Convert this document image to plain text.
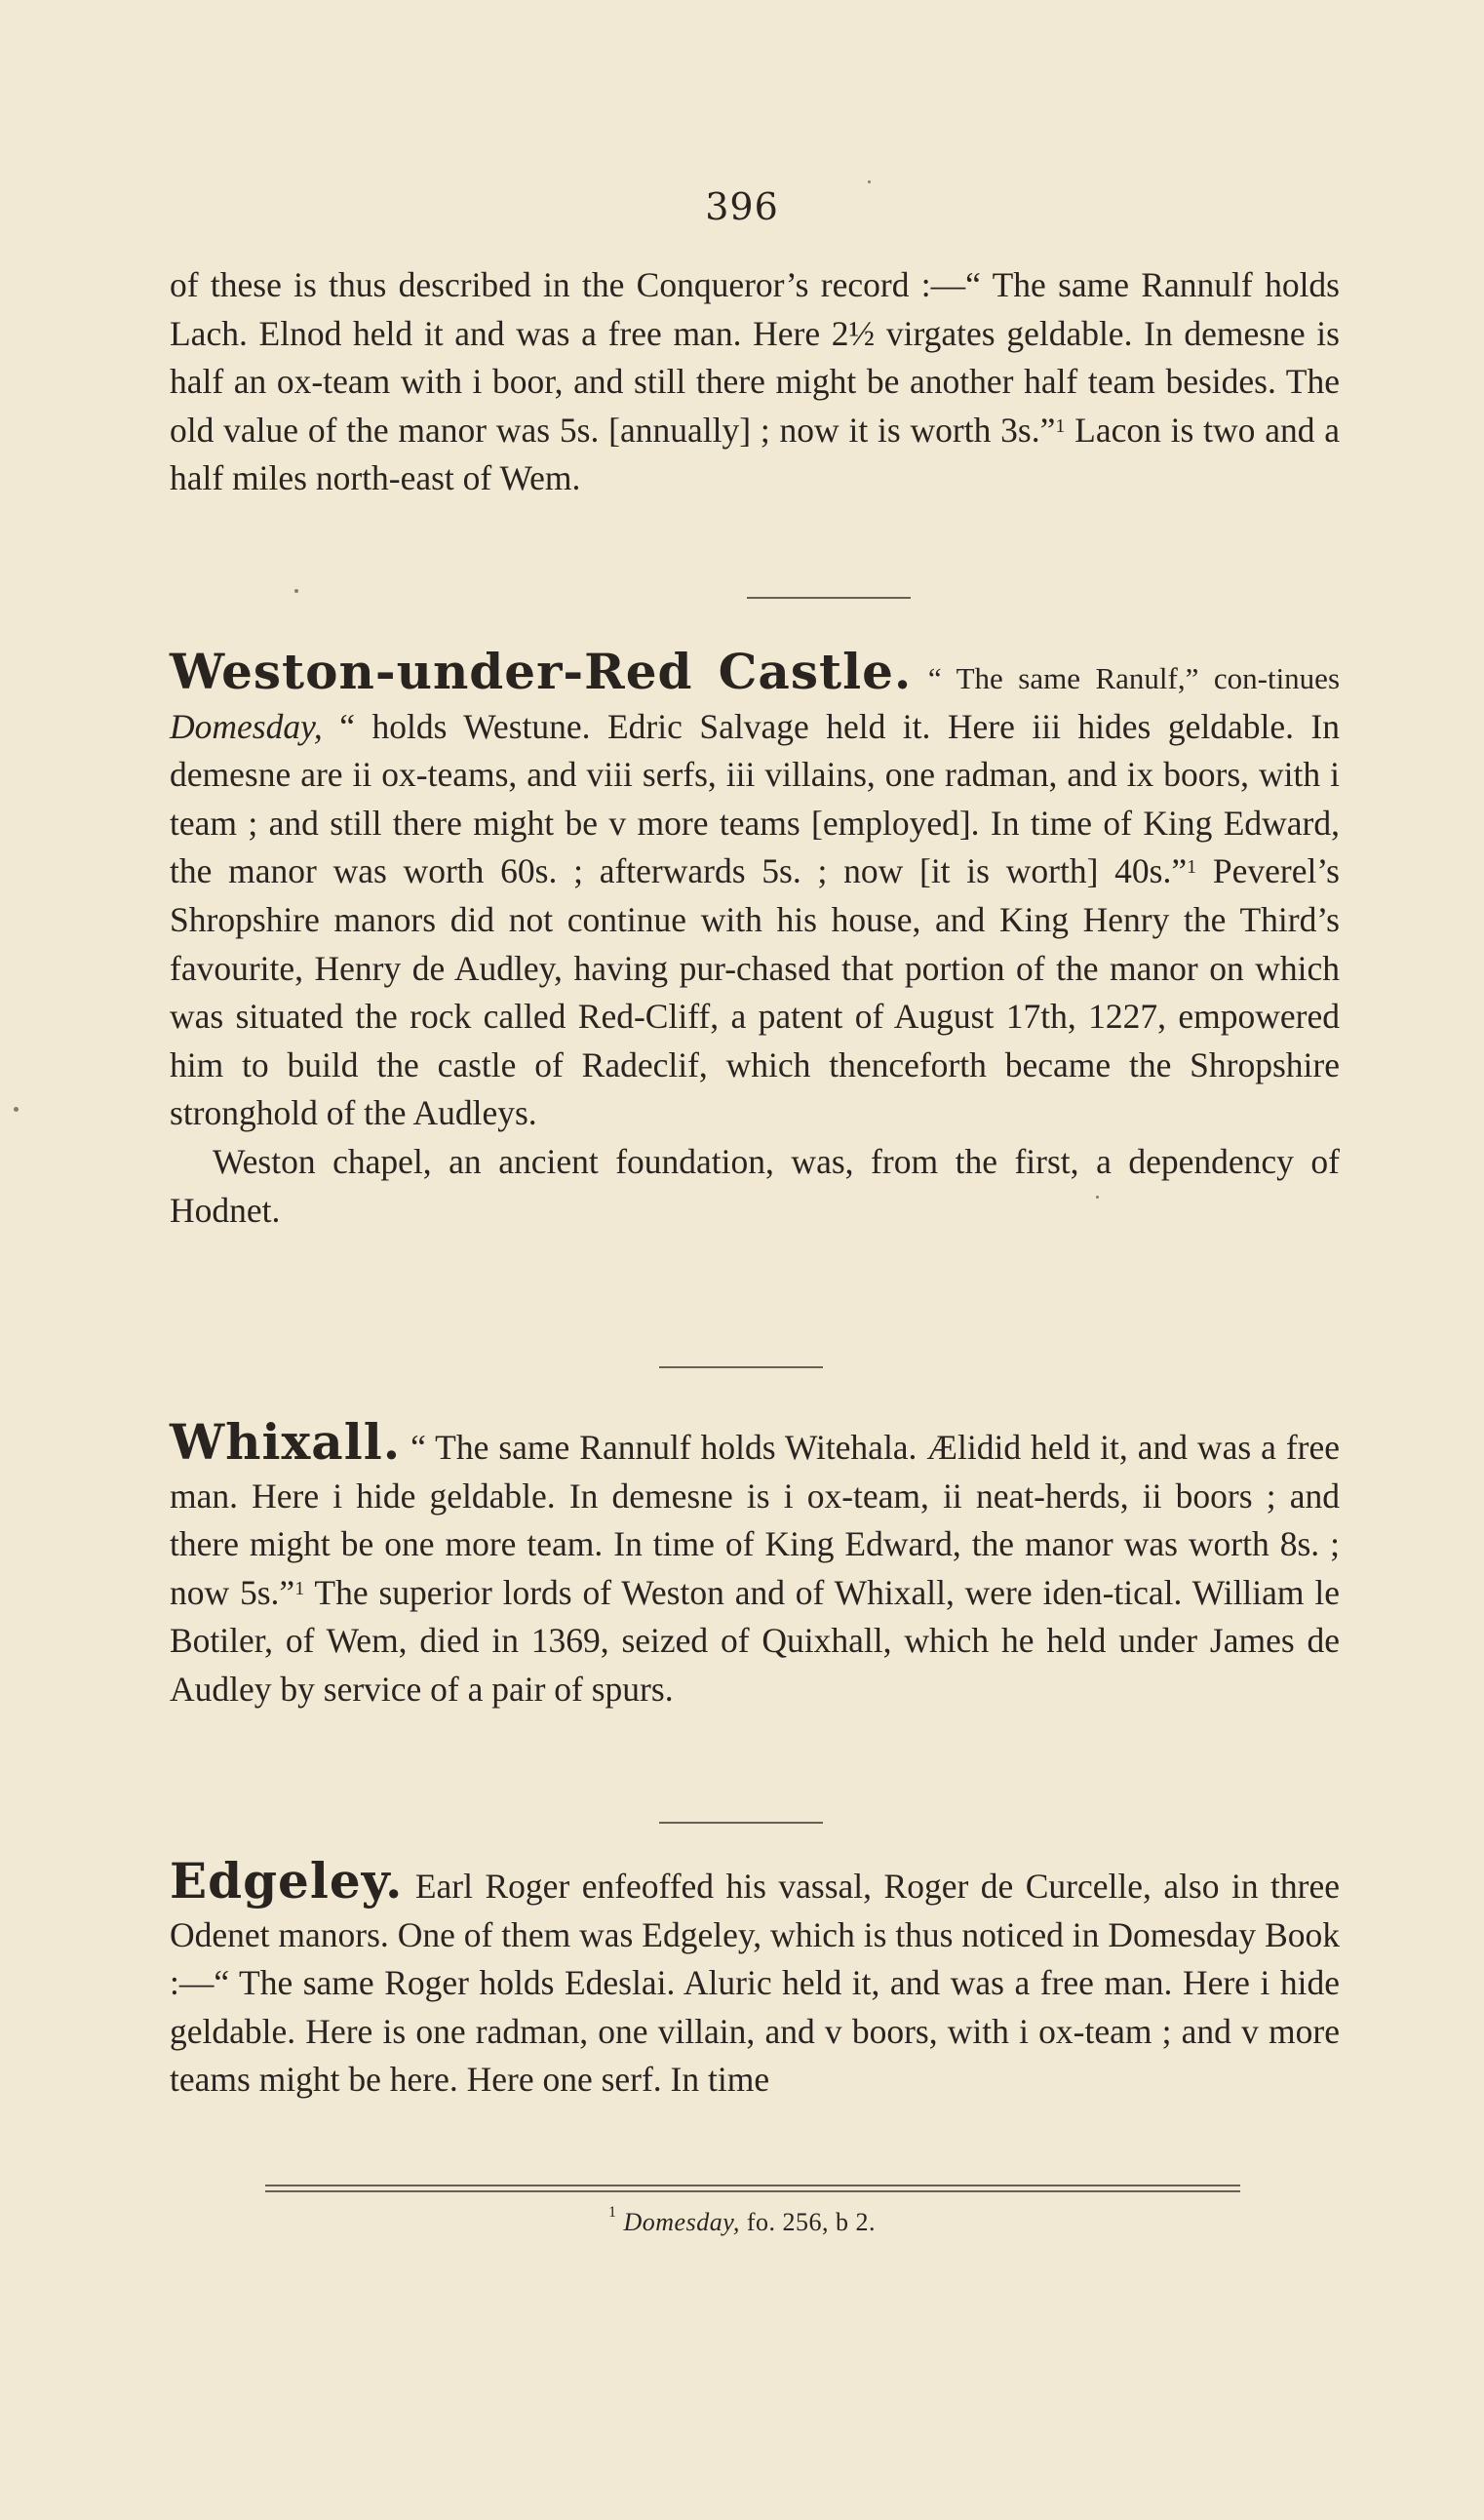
396

of these is thus described in the Conqueror’s record :—“ The same Rannulf holds Lach. Elnod held it and was a free man. Here 2½ virgates geldable. In demesne is half an ox-team with i boor, and still there might be another half team besides. The old value of the manor was 5s. [annually] ; now it is worth 3s.”$^1$ Lacon is two and a half miles north-east of Wem.

Weston-under-Red Castle. “ The same Ranulf,” con-tinues Domesday, “ holds Westune. Edric Salvage held it. Here iii hides geldable. In demesne are ii ox-teams, and viii serfs, iii villains, one radman, and ix boors, with i team ; and still there might be v more teams [employed]. In time of King Edward, the manor was worth 60s. ; afterwards 5s. ; now [it is worth] 40s.”$^1$ Peverel’s Shropshire manors did not continue with his house, and King Henry the Third’s favourite, Henry de Audley, having pur-chased that portion of the manor on which was situated the rock called Red-Cliff, a patent of August 17th, 1227, empowered him to build the castle of Radeclif, which thenceforth became the Shropshire stronghold of the Audleys.

Weston chapel, an ancient foundation, was, from the first, a dependency of Hodnet.

Whixall. “ The same Rannulf holds Witehala. Ælidid held it, and was a free man. Here i hide geldable. In demesne is i ox-team, ii neat-herds, ii boors ; and there might be one more team. In time of King Edward, the manor was worth 8s. ; now 5s.”$^1$ The superior lords of Weston and of Whixall, were iden-tical. William le Botiler, of Wem, died in 1369, seized of Quixhall, which he held under James de Audley by service of a pair of spurs.

Edgeley. Earl Roger enfeoffed his vassal, Roger de Curcelle, also in three Odenet manors. One of them was Edgeley, which is thus noticed in Domesday Book :—“ The same Roger holds Edeslai. Aluric held it, and was a free man. Here i hide geldable. Here is one radman, one villain, and v boors, with i ox-team ; and v more teams might be here. Here one serf. In time

$^1$ Domesday, fo. 256, b 2.
